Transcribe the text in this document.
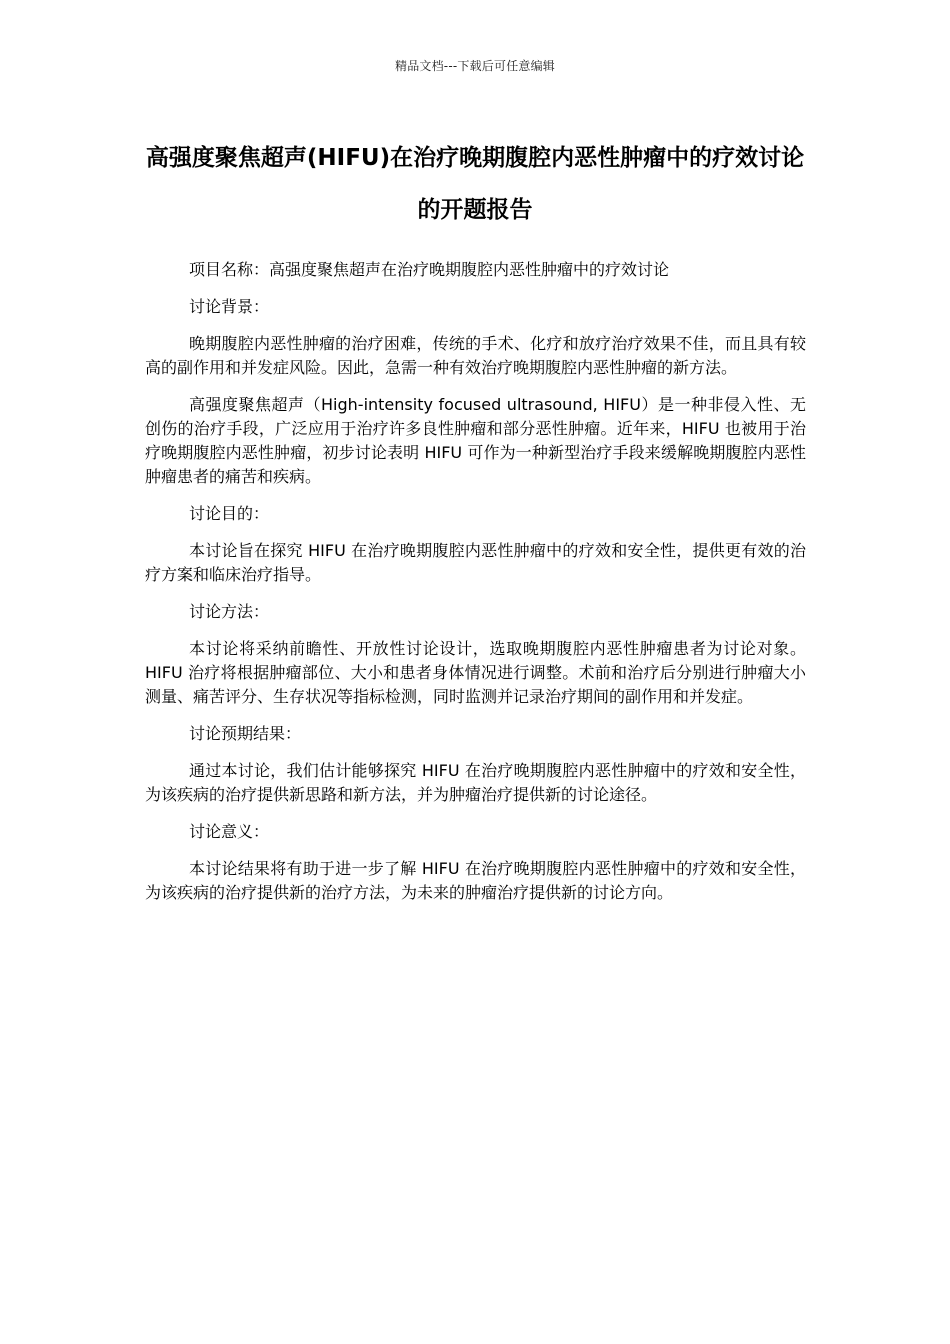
精品文档---下载后可任意编辑
高强度聚焦超声(HIFU)在治疗晚期腹腔内恶性肿瘤中的疗效讨论的开题报告

项目名称：高强度聚焦超声在治疗晚期腹腔内恶性肿瘤中的疗效讨论

讨论背景：

晚期腹腔内恶性肿瘤的治疗困难，传统的手术、化疗和放疗治疗效果不佳，而且具有较高的副作用和并发症风险。因此，急需一种有效治疗晚期腹腔内恶性肿瘤的新方法。

高强度聚焦超声（High-intensity focused ultrasound, HIFU）是一种非侵入性、无创伤的治疗手段，广泛应用于治疗许多良性肿瘤和部分恶性肿瘤。近年来，HIFU 也被用于治疗晚期腹腔内恶性肿瘤，初步讨论表明 HIFU 可作为一种新型治疗手段来缓解晚期腹腔内恶性肿瘤患者的痛苦和疾病。

讨论目的：

本讨论旨在探究 HIFU 在治疗晚期腹腔内恶性肿瘤中的疗效和安全性，提供更有效的治疗方案和临床治疗指导。

讨论方法：

本讨论将采纳前瞻性、开放性讨论设计，选取晚期腹腔内恶性肿瘤患者为讨论对象。HIFU 治疗将根据肿瘤部位、大小和患者身体情况进行调整。术前和治疗后分别进行肿瘤大小测量、痛苦评分、生存状况等指标检测，同时监测并记录治疗期间的副作用和并发症。

讨论预期结果：

通过本讨论，我们估计能够探究 HIFU 在治疗晚期腹腔内恶性肿瘤中的疗效和安全性，为该疾病的治疗提供新思路和新方法，并为肿瘤治疗提供新的讨论途径。

讨论意义：

本讨论结果将有助于进一步了解 HIFU 在治疗晚期腹腔内恶性肿瘤中的疗效和安全性，为该疾病的治疗提供新的治疗方法，为未来的肿瘤治疗提供新的讨论方向。
